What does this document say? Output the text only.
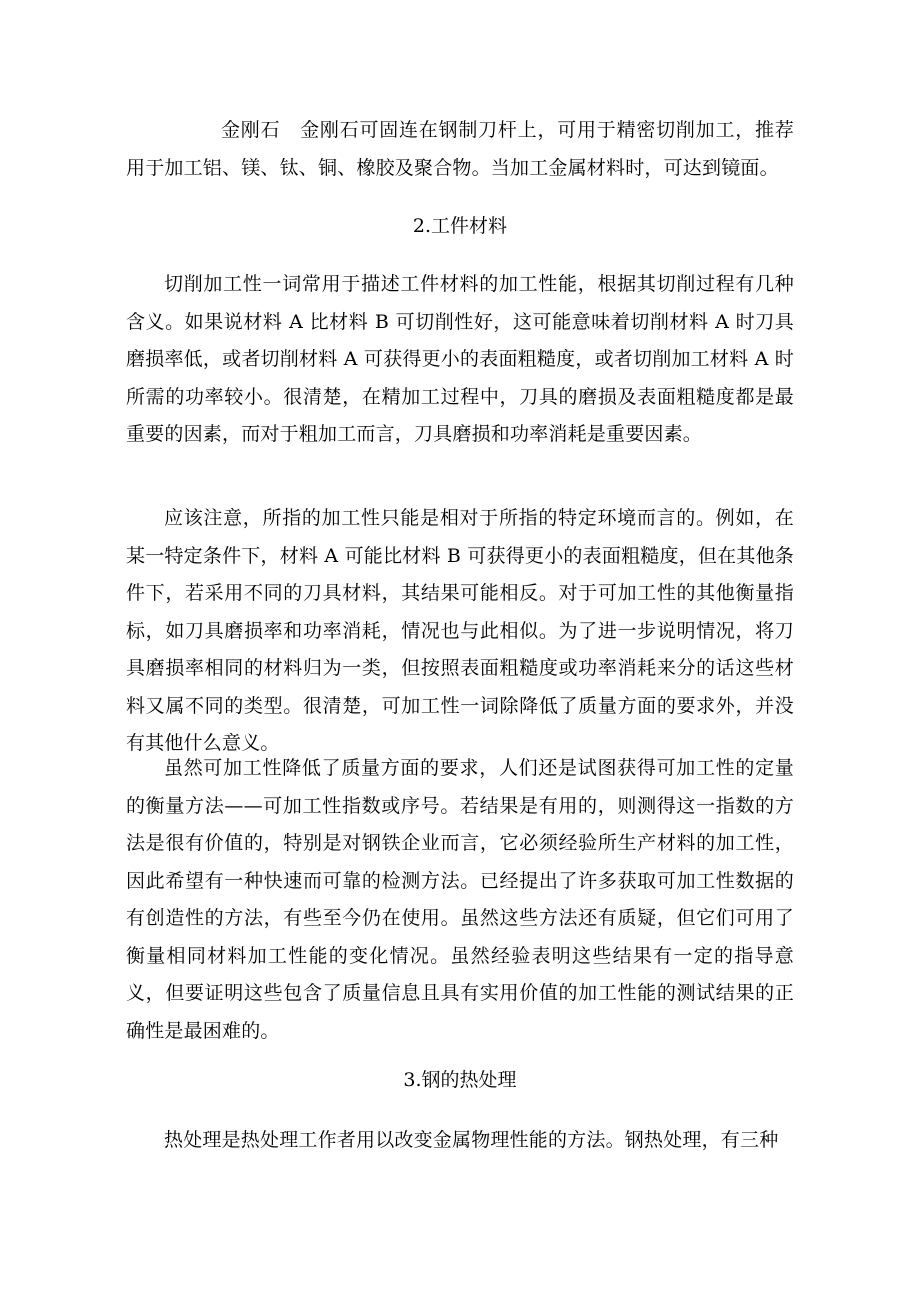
金刚石　金刚石可固连在钢制刀杆上，可用于精密切削加工，推荐用于加工铝、镁、钛、铜、橡胶及聚合物。当加工金属材料时，可达到镜面。

2.工件材料

切削加工性一词常用于描述工件材料的加工性能，根据其切削过程有几种含义。如果说材料 A 比材料 B 可切削性好，这可能意味着切削材料 A 时刀具磨损率低，或者切削材料 A 可获得更小的表面粗糙度，或者切削加工材料 A 时所需的功率较小。很清楚，在精加工过程中，刀具的磨损及表面粗糙度都是最重要的因素，而对于粗加工而言，刀具磨损和功率消耗是重要因素。

应该注意，所指的加工性只能是相对于所指的特定环境而言的。例如，在某一特定条件下，材料 A 可能比材料 B 可获得更小的表面粗糙度，但在其他条件下，若采用不同的刀具材料，其结果可能相反。对于可加工性的其他衡量指标，如刀具磨损率和功率消耗，情况也与此相似。为了进一步说明情况，将刀具磨损率相同的材料归为一类，但按照表面粗糙度或功率消耗来分的话这些材料又属不同的类型。很清楚，可加工性一词除降低了质量方面的要求外，并没有其他什么意义。

虽然可加工性降低了质量方面的要求，人们还是试图获得可加工性的定量的衡量方法——可加工性指数或序号。若结果是有用的，则测得这一指数的方法是很有价值的，特别是对钢铁企业而言，它必须经验所生产材料的加工性，因此希望有一种快速而可靠的检测方法。已经提出了许多获取可加工性数据的有创造性的方法，有些至今仍在使用。虽然这些方法还有质疑，但它们可用了衡量相同材料加工性能的变化情况。虽然经验表明这些结果有一定的指导意义，但要证明这些包含了质量信息且具有实用价值的加工性能的测试结果的正确性是最困难的。

3.钢的热处理

热处理是热处理工作者用以改变金属物理性能的方法。钢热处理，有三种
